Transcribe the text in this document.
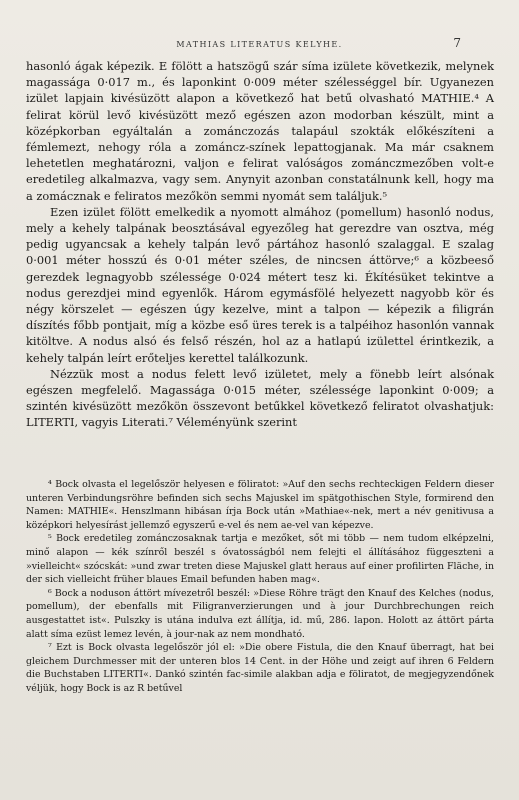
MATHIAS LITERATUS KELYHE.	7

hasonló ágak képezik. E fölött a hatszögű szár síma izülete következik, melynek magassága 0·017 m., és laponkint 0·009 méter szélességgel bír. Ugyanezen izület lapjain kivésüzött alapon a következő hat betű olvasható MATHIE.⁴ A felirat körül levő kivésüzött mező egészen azon modorban készült, mint a középkorban egyáltalán a zománczozás talapául szokták előkészíteni a fémlemezt, nehogy róla a zománcz-színek lepattogjanak. Ma már csaknem lehetetlen meghatározni, valjon e felirat valóságos zománczmezőben volt-e eredetileg alkalmazva, vagy sem. Anynyit azonban constatálnunk kell, hogy ma a zomácznak e feliratos mezőkön semmi nyomát sem találjuk.⁵

Ezen izület fölött emelkedik a nyomott almához (pomellum) hasonló nodus, mely a kehely talpának beosztásával egyezőleg hat gerezdre van osztva, még pedig ugyancsak a kehely talpán levő pártához hasonló szalaggal. E szalag 0·001 méter hosszú és 0·01 méter széles, de nincsen áttörve;⁶ a közbeeső gerezdek legnagyobb szélessége 0·024 métert tesz ki. Ékítésüket tekintve a nodus gerezdjei mind egyenlők. Három egymásfölé helyezett nagyobb kör és négy körszelet — egészen úgy kezelve, mint a talpon — képezik a filigrán díszítés főbb pontjait, míg a közbe eső üres terek is a talpéihoz hasonlón vannak kitöltve. A nodus alsó és felső részén, hol az a hatlapú izülettel érintkezik, a kehely talpán leírt erőteljes kerettel találkozunk.

Nézzük most a nodus felett levő izületet, mely a fönebb leírt alsónak egészen megfelelő. Magassága 0·015 méter, szélessége laponkint 0·009; a szintén kivésüzött mezőkön összevont betűkkel következő feliratot olvashatjuk: LITERTI, vagyis Literati.⁷ Véleményünk szerint

⁴ Bock olvasta el legelőször helyesen e föliratot: »Auf den sechs rechteckigen Feldern dieser unteren Verbindungsröhre befinden sich sechs Majuskel im spätgothischen Style, formirend den Namen: MATHIE«. Henszlmann hibásan írja Bock után »Mathiae«-nek, mert a név genitivusa a középkori helyesírást jellemző egyszerű e-vel és nem ae-vel van képezve.

⁵ Bock eredetileg zománczosaknak tartja e mezőket, sőt mi több — nem tudom elképzelni, minő alapon — kék színről beszél s óvatosságból nem felejti el állításához függeszteni a »vielleicht« szócskát: »und zwar treten diese Majuskel glatt heraus auf einer profilirten Fläche, in der sich vielleicht früher blaues Email befunden haben mag«.

⁶ Bock a noduson áttört mívezetről beszél: »Diese Röhre trägt den Knauf des Kelches (nodus, pomellum), der ebenfalls mit Filigranverzierungen und à jour Durchbrechungen reich ausgestattet ist«. Pulszky is utána indulva ezt állítja, id. mű, 286. lapon. Holott az áttört párta alatt síma ezüst lemez levén, à jour-nak az nem mondható.

⁷ Ezt is Bock olvasta legelőször jól el: »Die obere Fistula, die den Knauf überragt, hat bei gleichem Durchmesser mit der unteren blos 14 Cent. in der Höhe und zeigt auf ihren 6 Feldern die Buchstaben LITERTI«. Dankó szintén fac-simile alakban adja e föliratot, de megjegyzendőnek véljük, hogy Bock is az R betűvel
